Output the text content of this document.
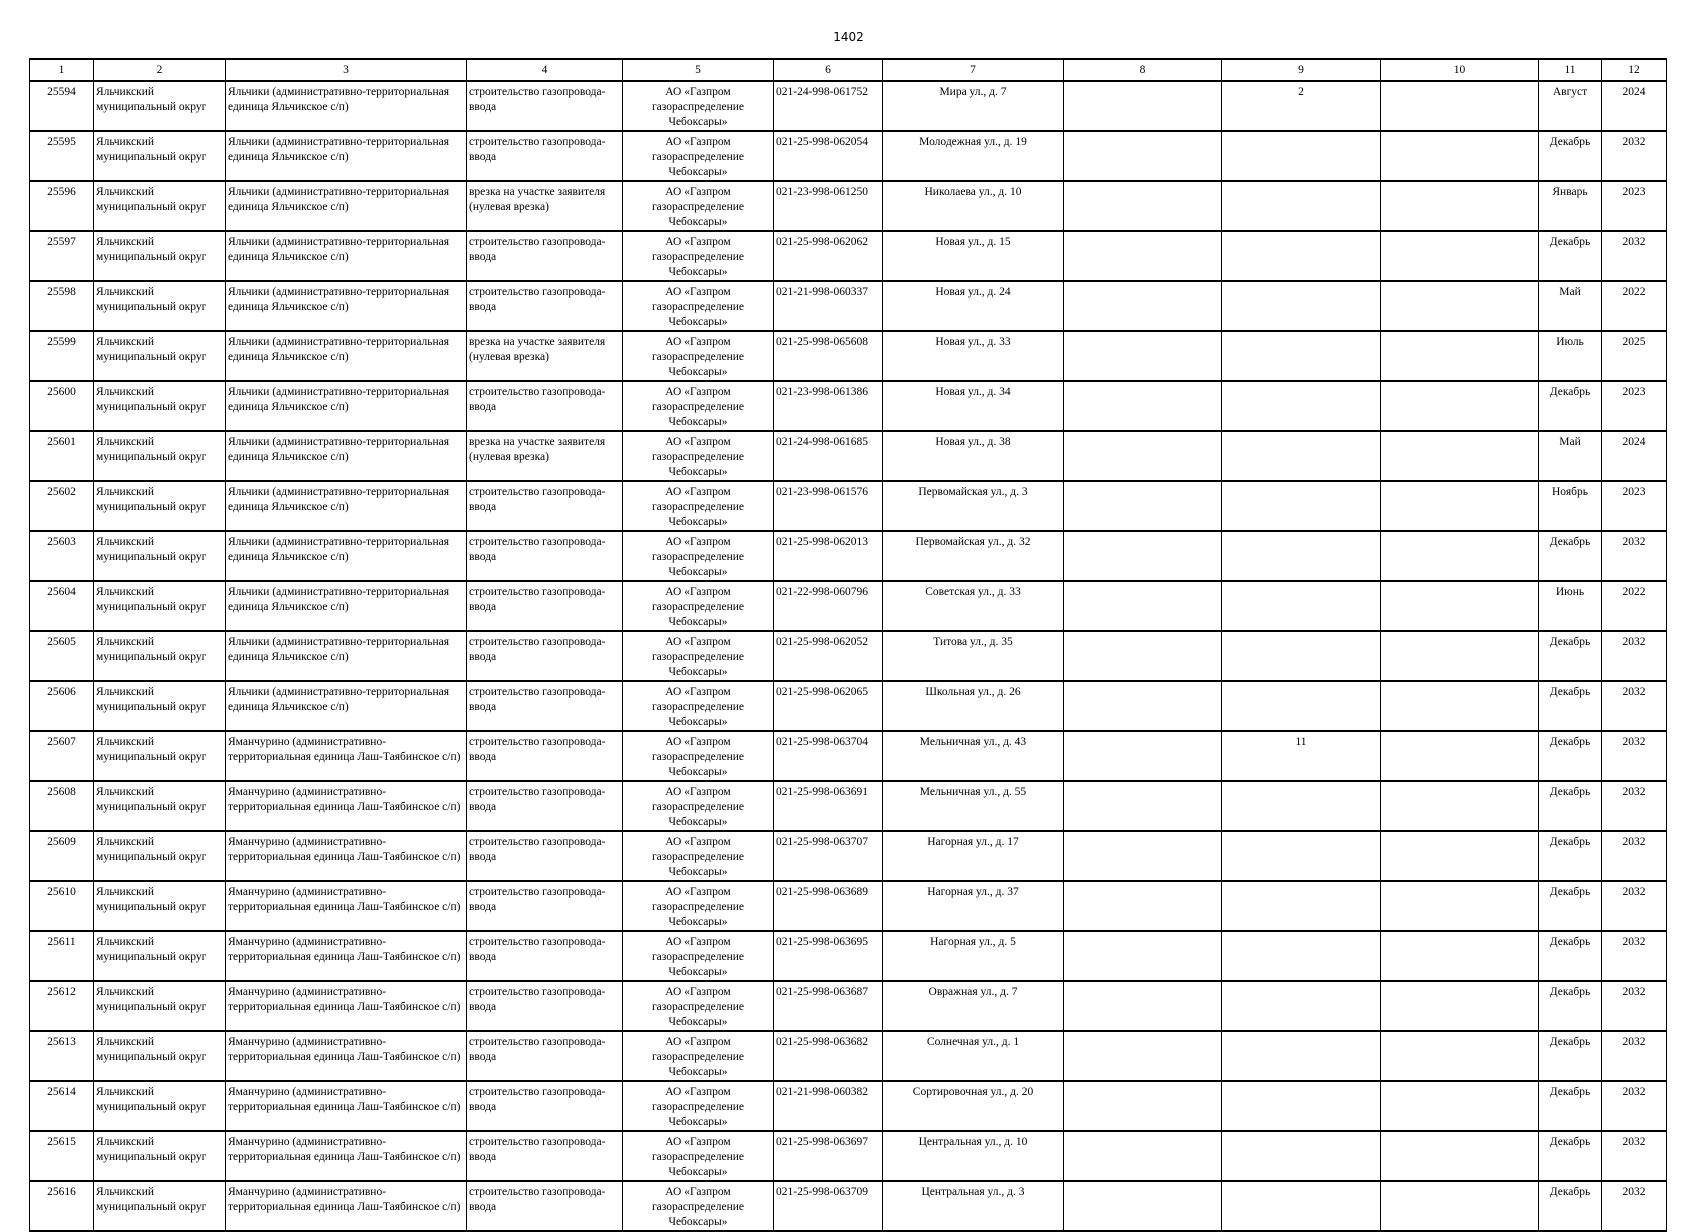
1402
1	2	3	4	5	6	7	8	9	10	11	12

25594	Яльчикский муниципальный округ	Яльчики (административно-территориальная единица Яльчикское с/п)	строительство газопровода-ввода	АО «Газпром газораспределение Чебоксары»	021-24-998-061752	Мира ул., д. 7		2		Август	2024

25595	Яльчикский муниципальный округ	Яльчики (административно-территориальная единица Яльчикское с/п)	строительство газопровода-ввода	АО «Газпром газораспределение Чебоксары»	021-25-998-062054	Молодежная ул., д. 19				Декабрь	2032

25596	Яльчикский муниципальный округ	Яльчики (административно-территориальная единица Яльчикское с/п)	врезка на участке заявителя (нулевая врезка)	АО «Газпром газораспределение Чебоксары»	021-23-998-061250	Николаева ул., д. 10				Январь	2023

25597	Яльчикский муниципальный округ	Яльчики (административно-территориальная единица Яльчикское с/п)	строительство газопровода-ввода	АО «Газпром газораспределение Чебоксары»	021-25-998-062062	Новая ул., д. 15				Декабрь	2032

25598	Яльчикский муниципальный округ	Яльчики (административно-территориальная единица Яльчикское с/п)	строительство газопровода-ввода	АО «Газпром газораспределение Чебоксары»	021-21-998-060337	Новая ул., д. 24				Май	2022

25599	Яльчикский муниципальный округ	Яльчики (административно-территориальная единица Яльчикское с/п)	врезка на участке заявителя (нулевая врезка)	АО «Газпром газораспределение Чебоксары»	021-25-998-065608	Новая ул., д. 33				Июль	2025

25600	Яльчикский муниципальный округ	Яльчики (административно-территориальная единица Яльчикское с/п)	строительство газопровода-ввода	АО «Газпром газораспределение Чебоксары»	021-23-998-061386	Новая ул., д. 34				Декабрь	2023

25601	Яльчикский муниципальный округ	Яльчики (административно-территориальная единица Яльчикское с/п)	врезка на участке заявителя (нулевая врезка)	АО «Газпром газораспределение Чебоксары»	021-24-998-061685	Новая ул., д. 38				Май	2024

25602	Яльчикский муниципальный округ	Яльчики (административно-территориальная единица Яльчикское с/п)	строительство газопровода-ввода	АО «Газпром газораспределение Чебоксары»	021-23-998-061576	Первомайская ул., д. 3				Ноябрь	2023

25603	Яльчикский муниципальный округ	Яльчики (административно-территориальная единица Яльчикское с/п)	строительство газопровода-ввода	АО «Газпром газораспределение Чебоксары»	021-25-998-062013	Первомайская ул., д. 32				Декабрь	2032

25604	Яльчикский муниципальный округ	Яльчики (административно-территориальная единица Яльчикское с/п)	строительство газопровода-ввода	АО «Газпром газораспределение Чебоксары»	021-22-998-060796	Советская ул., д. 33				Июнь	2022

25605	Яльчикский муниципальный округ	Яльчики (административно-территориальная единица Яльчикское с/п)	строительство газопровода-ввода	АО «Газпром газораспределение Чебоксары»	021-25-998-062052	Титова ул., д. 35				Декабрь	2032

25606	Яльчикский муниципальный округ	Яльчики (административно-территориальная единица Яльчикское с/п)	строительство газопровода-ввода	АО «Газпром газораспределение Чебоксары»	021-25-998-062065	Школьная ул., д. 26				Декабрь	2032

25607	Яльчикский муниципальный округ	Яманчурино (административно-территориальная единица Лаш-Таябинское с/п)	строительство газопровода-ввода	АО «Газпром газораспределение Чебоксары»	021-25-998-063704	Мельничная ул., д. 43		11		Декабрь	2032

25608	Яльчикский муниципальный округ	Яманчурино (административно-территориальная единица Лаш-Таябинское с/п)	строительство газопровода-ввода	АО «Газпром газораспределение Чебоксары»	021-25-998-063691	Мельничная ул., д. 55				Декабрь	2032

25609	Яльчикский муниципальный округ	Яманчурино (административно-территориальная единица Лаш-Таябинское с/п)	строительство газопровода-ввода	АО «Газпром газораспределение Чебоксары»	021-25-998-063707	Нагорная ул., д. 17				Декабрь	2032

25610	Яльчикский муниципальный округ	Яманчурино (административно-территориальная единица Лаш-Таябинское с/п)	строительство газопровода-ввода	АО «Газпром газораспределение Чебоксары»	021-25-998-063689	Нагорная ул., д. 37				Декабрь	2032

25611	Яльчикский муниципальный округ	Яманчурино (административно-территориальная единица Лаш-Таябинское с/п)	строительство газопровода-ввода	АО «Газпром газораспределение Чебоксары»	021-25-998-063695	Нагорная ул., д. 5				Декабрь	2032

25612	Яльчикский муниципальный округ	Яманчурино (административно-территориальная единица Лаш-Таябинское с/п)	строительство газопровода-ввода	АО «Газпром газораспределение Чебоксары»	021-25-998-063687	Овражная ул., д. 7				Декабрь	2032

25613	Яльчикский муниципальный округ	Яманчурино (административно-территориальная единица Лаш-Таябинское с/п)	строительство газопровода-ввода	АО «Газпром газораспределение Чебоксары»	021-25-998-063682	Солнечная ул., д. 1				Декабрь	2032

25614	Яльчикский муниципальный округ	Яманчурино (административно-территориальная единица Лаш-Таябинское с/п)	строительство газопровода-ввода	АО «Газпром газораспределение Чебоксары»	021-21-998-060382	Сортировочная ул., д. 20				Декабрь	2032

25615	Яльчикский муниципальный округ	Яманчурино (административно-территориальная единица Лаш-Таябинское с/п)	строительство газопровода-ввода	АО «Газпром газораспределение Чебоксары»	021-25-998-063697	Центральная ул., д. 10				Декабрь	2032

25616	Яльчикский муниципальный округ	Яманчурино (административно-территориальная единица Лаш-Таябинское с/п)	строительство газопровода-ввода	АО «Газпром газораспределение Чебоксары»	021-25-998-063709	Центральная ул., д. 3				Декабрь	2032
